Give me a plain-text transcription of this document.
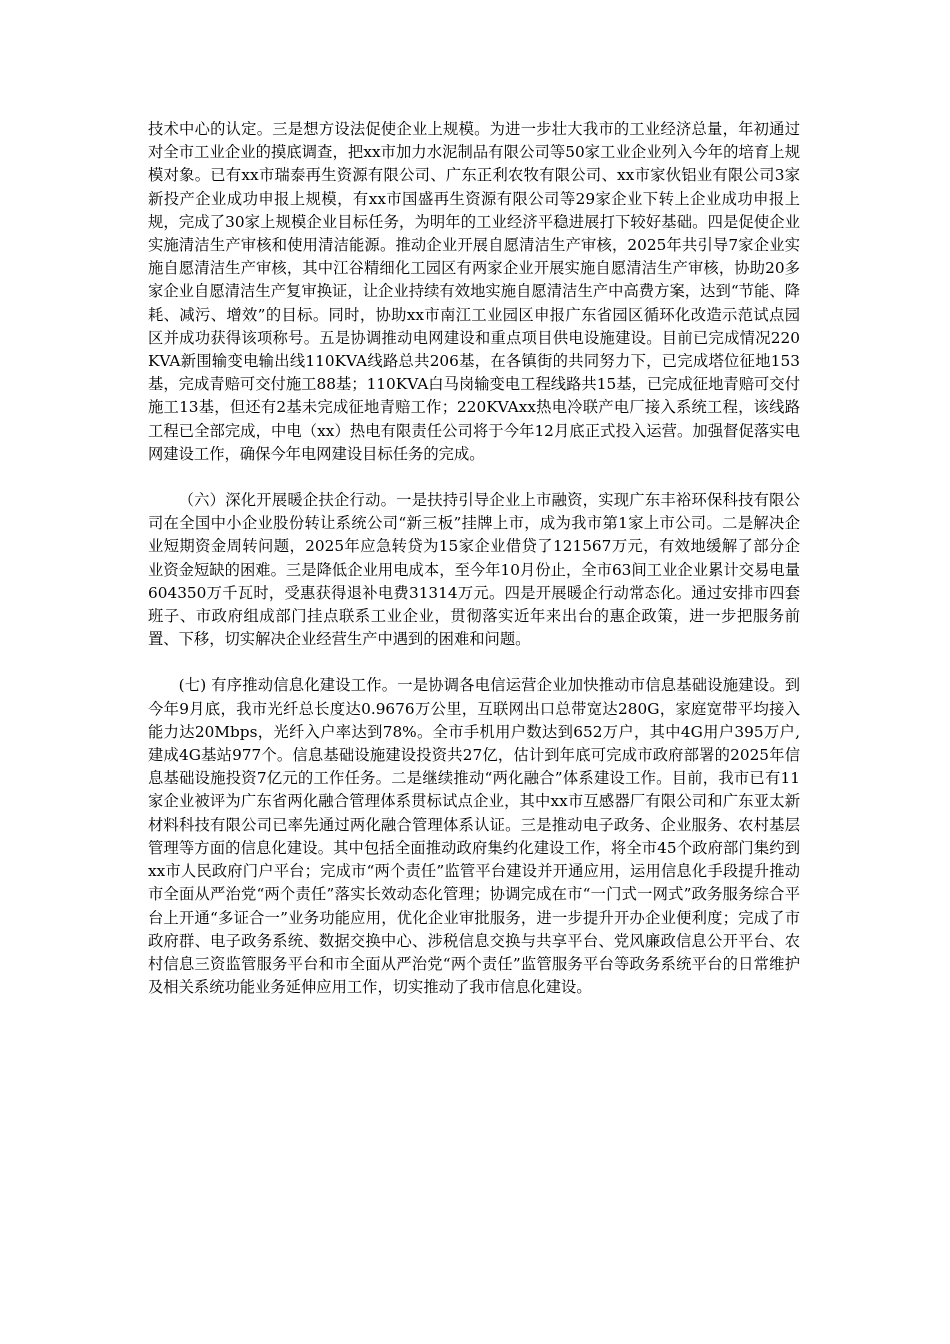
技术中心的认定。三是想方设法促使企业上规模。为进一步壮大我市的工业经济总量，年初通过对全市工业企业的摸底调查，把xx市加力水泥制品有限公司等50家工业企业列入今年的培育上规模对象。已有xx市瑞泰再生资源有限公司、广东正利农牧有限公司、xx市家伙铝业有限公司3家新投产企业成功申报上规模，有xx市国盛再生资源有限公司等29家企业下转上企业成功申报上规，完成了30家上规模企业目标任务，为明年的工业经济平稳进展打下较好基础。四是促使企业实施清洁生产审核和使用清洁能源。推动企业开展自愿清洁生产审核，2025年共引导7家企业实施自愿清洁生产审核，其中江谷精细化工园区有两家企业开展实施自愿清洁生产审核，协助20多家企业自愿清洁生产复审换证，让企业持续有效地实施自愿清洁生产中高费方案，达到“节能、降耗、减污、增效”的目标。同时，协助xx市南江工业园区申报广东省园区循环化改造示范试点园区并成功获得该项称号。五是协调推动电网建设和重点项目供电设施建设。目前已完成情况220KVA新围输变电输出线110KVA线路总共206基，在各镇街的共同努力下，已完成塔位征地153基，完成青赔可交付施工88基；110KVA白马岗输变电工程线路共15基，已完成征地青赔可交付施工13基，但还有2基未完成征地青赔工作；220KVAxx热电冷联产电厂接入系统工程，该线路工程已全部完成，中电（xx）热电有限责任公司将于今年12月底正式投入运营。加强督促落实电网建设工作，确保今年电网建设目标任务的完成。

（六）深化开展暖企扶企行动。一是扶持引导企业上市融资，实现广东丰裕环保科技有限公司在全国中小企业股份转让系统公司“新三板”挂牌上市，成为我市第1家上市公司。二是解决企业短期资金周转问题，2025年应急转贷为15家企业借贷了121567万元，有效地缓解了部分企业资金短缺的困难。三是降低企业用电成本，至今年10月份止，全市63间工业企业累计交易电量604350万千瓦时，受惠获得退补电费31314万元。四是开展暖企行动常态化。通过安排市四套班子、市政府组成部门挂点联系工业企业，贯彻落实近年来出台的惠企政策，进一步把服务前置、下移，切实解决企业经营生产中遇到的困难和问题。

(七) 有序推动信息化建设工作。一是协调各电信运营企业加快推动市信息基础设施建设。到今年9月底，我市光纤总长度达0.9676万公里，互联网出口总带宽达280G，家庭宽带平均接入能力达20Mbps，光纤入户率达到78%。全市手机用户数达到652万户，其中4G用户395万户,建成4G基站977个。信息基础设施建设投资共27亿，估计到年底可完成市政府部署的2025年信息基础设施投资7亿元的工作任务。二是继续推动“两化融合”体系建设工作。目前，我市已有11家企业被评为广东省两化融合管理体系贯标试点企业，其中xx市互感器厂有限公司和广东亚太新材料科技有限公司已率先通过两化融合管理体系认证。三是推动电子政务、企业服务、农村基层管理等方面的信息化建设。其中包括全面推动政府集约化建设工作，将全市45个政府部门集约到xx市人民政府门户平台；完成市“两个责任”监管平台建设并开通应用，运用信息化手段提升推动市全面从严治党“两个责任”落实长效动态化管理；协调完成在市“一门式一网式”政务服务综合平台上开通“多证合一”业务功能应用，优化企业审批服务，进一步提升开办企业便利度；完成了市政府群、电子政务系统、数据交换中心、涉税信息交换与共享平台、党风廉政信息公开平台、农村信息三资监管服务平台和市全面从严治党“两个责任”监管服务平台等政务系统平台的日常维护及相关系统功能业务延伸应用工作，切实推动了我市信息化建设。
